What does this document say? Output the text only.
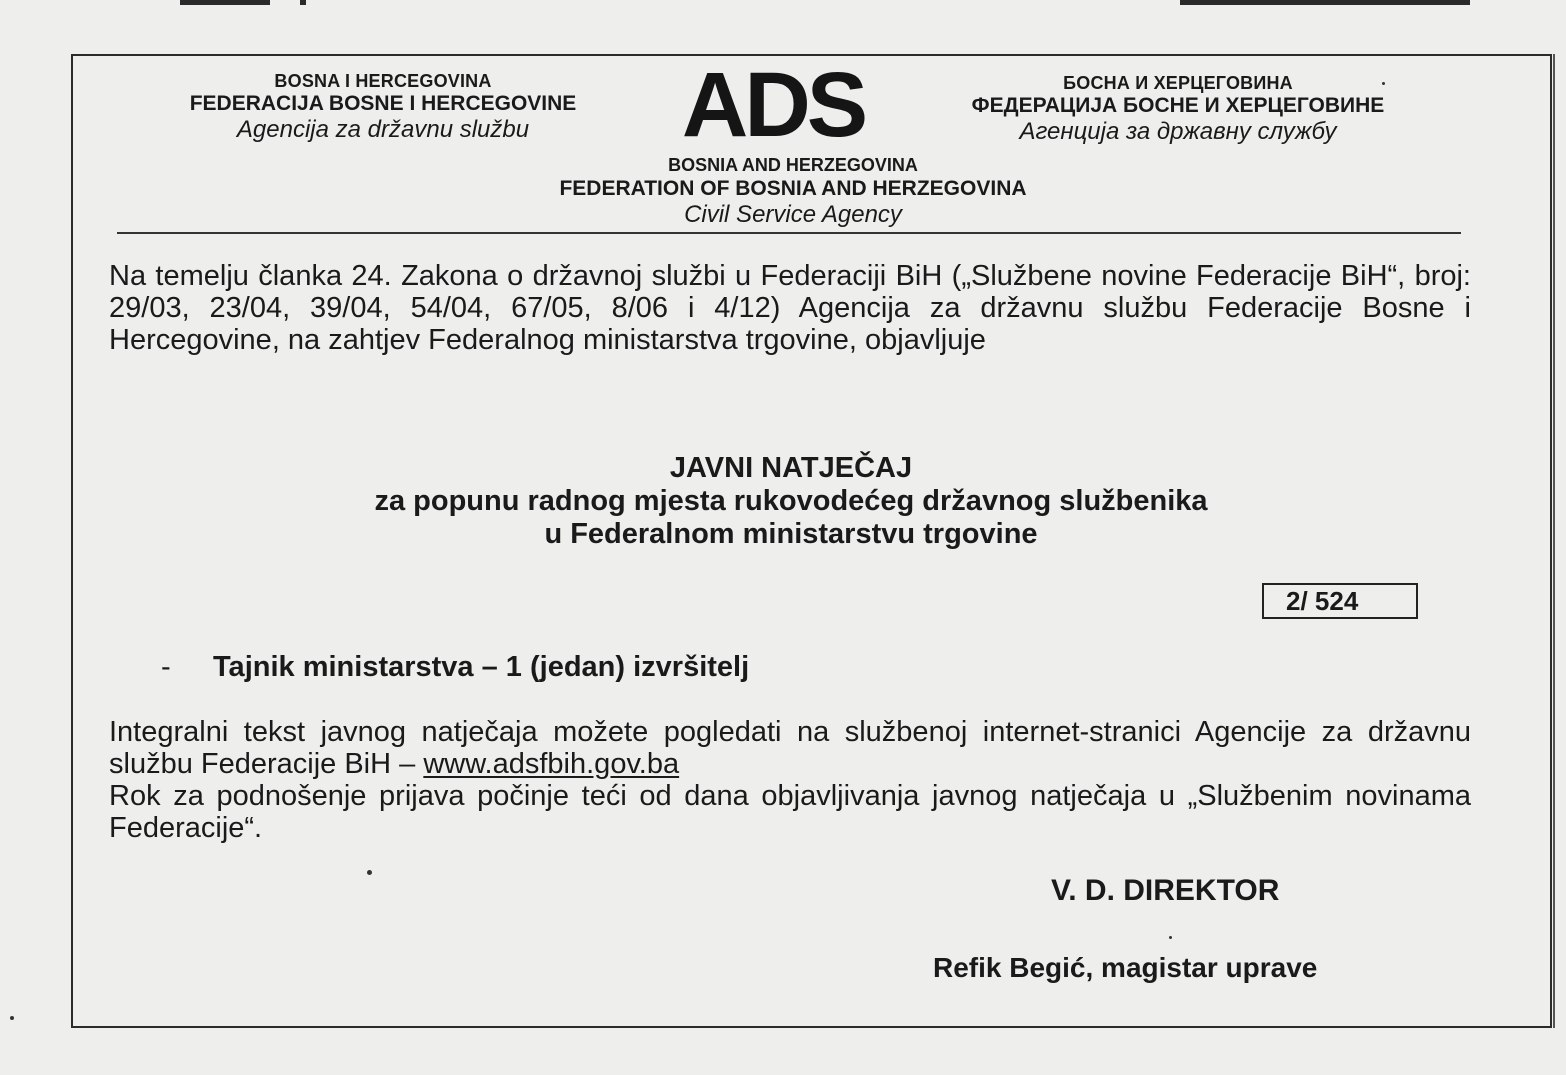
BOSNA I HERCEGOVINA
FEDERACIJA BOSNE I HERCEGOVINE
Agencija za državnu službu	ADS	БОСНА И ХЕРЦЕГОВИНА
ФЕДЕРАЦИЈА БОСНЕ И ХЕРЦЕГОВИНЕ
Агенција за државну службу
BOSNIA AND HERZEGOVINA
FEDERATION OF BOSNIA AND HERZEGOVINA
Civil Service Agency
Na temelju članka 24. Zakona o državnoj službi u Federaciji BiH („Službene novine Federacije BiH“, broj: 29/03, 23/04, 39/04, 54/04, 67/05, 8/06 i 4/12) Agencija za državnu službu Federacije Bosne i Hercegovine, na zahtjev Federalnog ministarstva trgovine, objavljuje
JAVNI NATJEČAJ
za popunu radnog mjesta rukovodećeg državnog službenika
u Federalnom ministarstvu trgovine
2/ 524
- Tajnik ministarstva – 1 (jedan) izvršitelj

Integralni tekst javnog natječaja možete pogledati na službenoj internet-stranici Agencije za državnu službu Federacije BiH – www.adsfbih.gov.ba

Rok za podnošenje prijava počinje teći od dana objavljivanja javnog natječaja u „Službenim novinama Federacije“.

V. D. DIREKTOR
Refik Begić, magistar uprave
